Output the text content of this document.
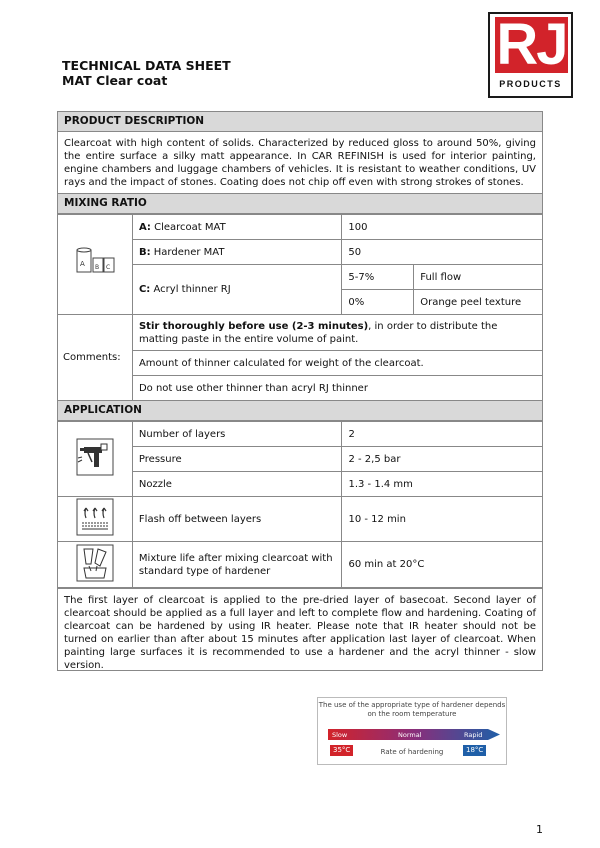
TECHNICAL DATA SHEET
MAT Clear coat
RJ
PRODUCTS
PRODUCT DESCRIPTION
Clearcoat with high content of solids. Characterized by reduced gloss to around 50%, giving the entire surface a silky matt appearance. In CAR REFINISH is used for interior painting, engine chambers and luggage chambers of vehicles. It is resistant to weather conditions, UV rays and the impact of stones. Coating does not chip off even with strong strokes of stones.
MIXING RATIO
A B C	A: Clearcoat MAT	100	
	B: Hardener MAT	50	
	C: Acryl thinner RJ	5-7%	Full flow
		0%	Orange peel texture
Comments:	Stir thoroughly before use (2-3 minutes), in order to distribute the matting paste in the entire volume of paint.		
	Amount of thinner calculated for weight of the clearcoat.		
	Do not use other thinner than acryl RJ thinner		
APPLICATION
	Number of layers	2
	Pressure	2 - 2,5 bar
	Nozzle	1.3 - 1.4 mm
	Flash off between layers	10 - 12 min
	Mixture life after mixing clearcoat with standard type of hardener	60 min at 20°C
The first layer of clearcoat is applied to the pre-dried layer of basecoat. Second layer of clearcoat should be applied as a full layer and left to complete flow and hardening. Coating of clearcoat can be hardened by using IR heater. Please note that IR heater should not be turned on earlier than after about 15 minutes after application last layer of clearcoat. When painting large surfaces it is recommended to use a hardener and the acryl thinner - slow version.
The use of the appropriate type of hardener depends on the room temperature
Slow	Normal	Rapid
35°C	Rate of hardening	18°C
1
